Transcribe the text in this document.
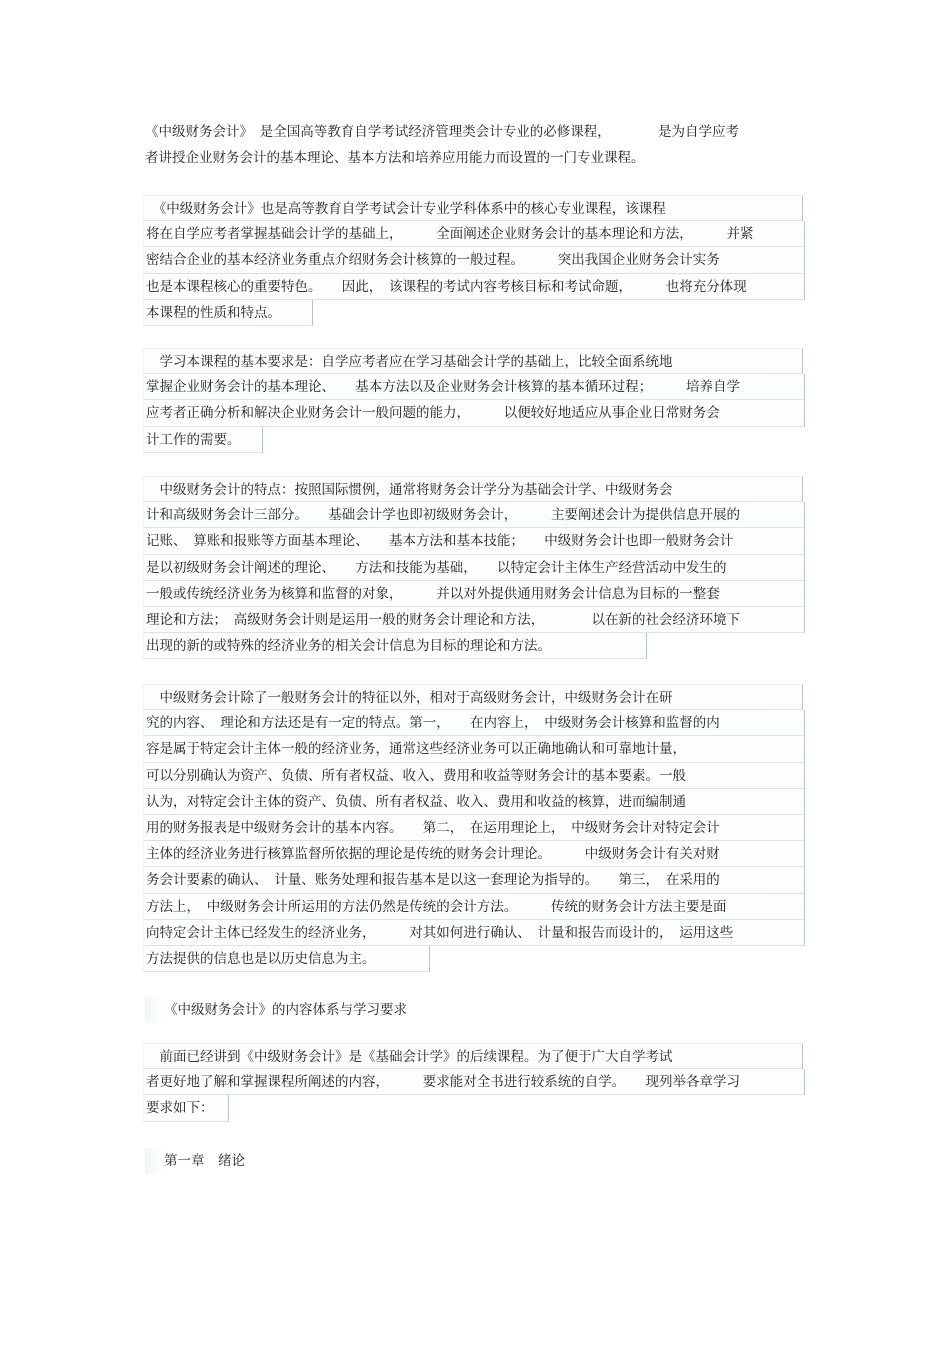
《中级财务会计》　是全国高等教育自学考试经济管理类会计专业的必修课程，　　　　是为自学应考
者讲授企业财务会计的基本理论、基本方法和培养应用能力而设置的一门专业课程。
　《中级财务会计》也是高等教育自学考试会计专业学科体系中的核心专业课程，该课程
将在自学应考者掌握基础会计学的基础上，　　　全面阐述企业财务会计的基本理论和方法，　　　并紧
密结合企业的基本经济业务重点介绍财务会计核算的一般过程。　　　突出我国企业财务会计实务
也是本课程核心的重要特色。　　因此，　该课程的考试内容考核目标和考试命题，　　　也将充分体现
本课程的性质和特点。
　学习本课程的基本要求是：自学应考者应在学习基础会计学的基础上，比较全面系统地
掌握企业财务会计的基本理论、　　基本方法以及企业财务会计核算的基本循环过程；　　　培养自学
应考者正确分析和解决企业财务会计一般问题的能力，　　　以便较好地适应从事企业日常财务会
计工作的需要。
　中级财务会计的特点：按照国际惯例，通常将财务会计学分为基础会计学、中级财务会
计和高级财务会计三部分。　　基础会计学也即初级财务会计，　　　主要阐述会计为提供信息开展的
记账、　算账和报账等方面基本理论、　　基本方法和基本技能；　　中级财务会计也即一般财务会计
是以初级财务会计阐述的理论、　　方法和技能为基础，　　以特定会计主体生产经营活动中发生的
一般或传统经济业务为核算和监督的对象，　　　并以对外提供通用财务会计信息为目标的一整套
理论和方法；　高级财务会计则是运用一般的财务会计理论和方法，　　　　以在新的社会经济环境下
出现的新的或特殊的经济业务的相关会计信息为目标的理论和方法。
　中级财务会计除了一般财务会计的特征以外，相对于高级财务会计，中级财务会计在研
究的内容、　理论和方法还是有一定的特点。第一，　　在内容上，　中级财务会计核算和监督的内
容是属于特定会计主体一般的经济业务，通常这些经济业务可以正确地确认和可靠地计量，
可以分别确认为资产、负债、所有者权益、收入、费用和收益等财务会计的基本要素。一般
认为，对特定会计主体的资产、负债、所有者权益、收入、费用和收益的核算，进而编制通
用的财务报表是中级财务会计的基本内容。　　第二，　在运用理论上，　中级财务会计对特定会计
主体的经济业务进行核算监督所依据的理论是传统的财务会计理论。　　　中级财务会计有关对财
务会计要素的确认、　计量、账务处理和报告基本是以这一套理论为指导的。　　第三，　在采用的
方法上，　中级财务会计所运用的方法仍然是传统的会计方法。　　　传统的财务会计方法主要是面
向特定会计主体已经发生的经济业务，　　　对其如何进行确认、　计量和报告而设计的，　运用这些
方法提供的信息也是以历史信息为主。
《中级财务会计》的内容体系与学习要求
　前面已经讲到《中级财务会计》是《基础会计学》的后续课程。为了便于广大自学考试
者更好地了解和掌握课程所阐述的内容，　　　要求能对全书进行较系统的自学。　　现列举各章学习
要求如下：
第一章　绪论
